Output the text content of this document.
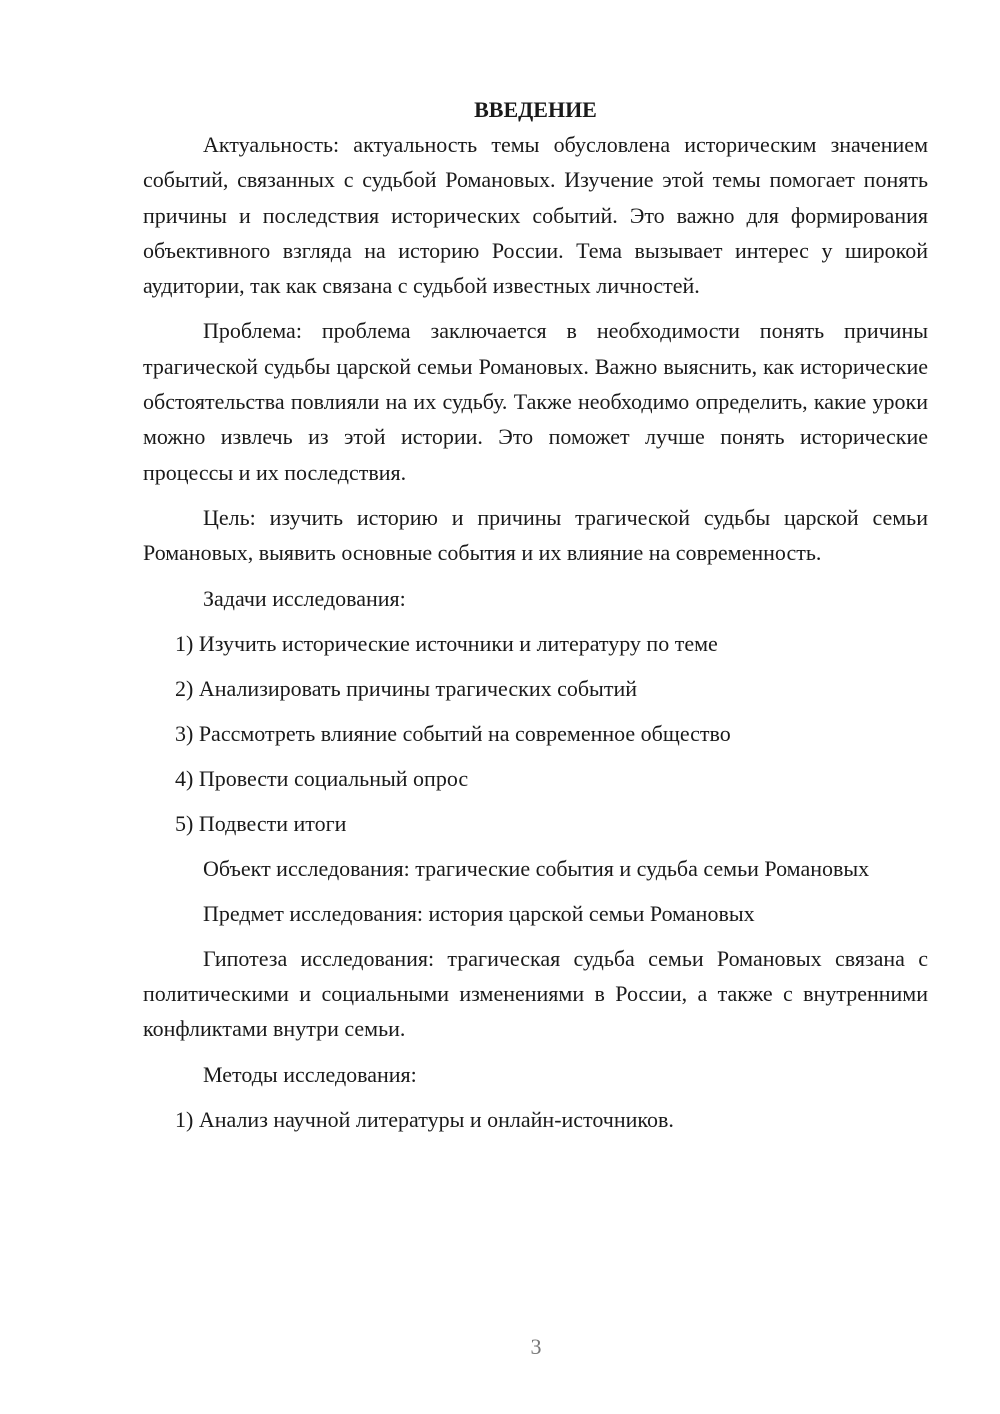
ВВЕДЕНИЕ

Актуальность: актуальность темы обусловлена историческим значением событий, связанных с судьбой Романовых. Изучение этой темы помогает понять причины и последствия исторических событий. Это важно для формирования объективного взгляда на историю России. Тема вызывает интерес у широкой аудитории, так как связана с судьбой известных личностей.

Проблема: проблема заключается в необходимости понять причины трагической судьбы царской семьи Романовых. Важно выяснить, как исторические обстоятельства повлияли на их судьбу. Также необходимо определить, какие уроки можно извлечь из этой истории. Это поможет лучше понять исторические процессы и их последствия.

Цель: изучить историю и причины трагической судьбы царской семьи Романовых, выявить основные события и их влияние на современность.

Задачи исследования:
1) Изучить исторические источники и литературу по теме
2) Анализировать причины трагических событий
3) Рассмотреть влияние событий на современное общество
4) Провести социальный опрос
5) Подвести итоги

Объект исследования: трагические события и судьба семьи Романовых

Предмет исследования: история царской семьи Романовых

Гипотеза исследования: трагическая судьба семьи Романовых связана с политическими и социальными изменениями в России, а также с внутренними конфликтами внутри семьи.

Методы исследования:
1) Анализ научной литературы и онлайн-источников.
3
